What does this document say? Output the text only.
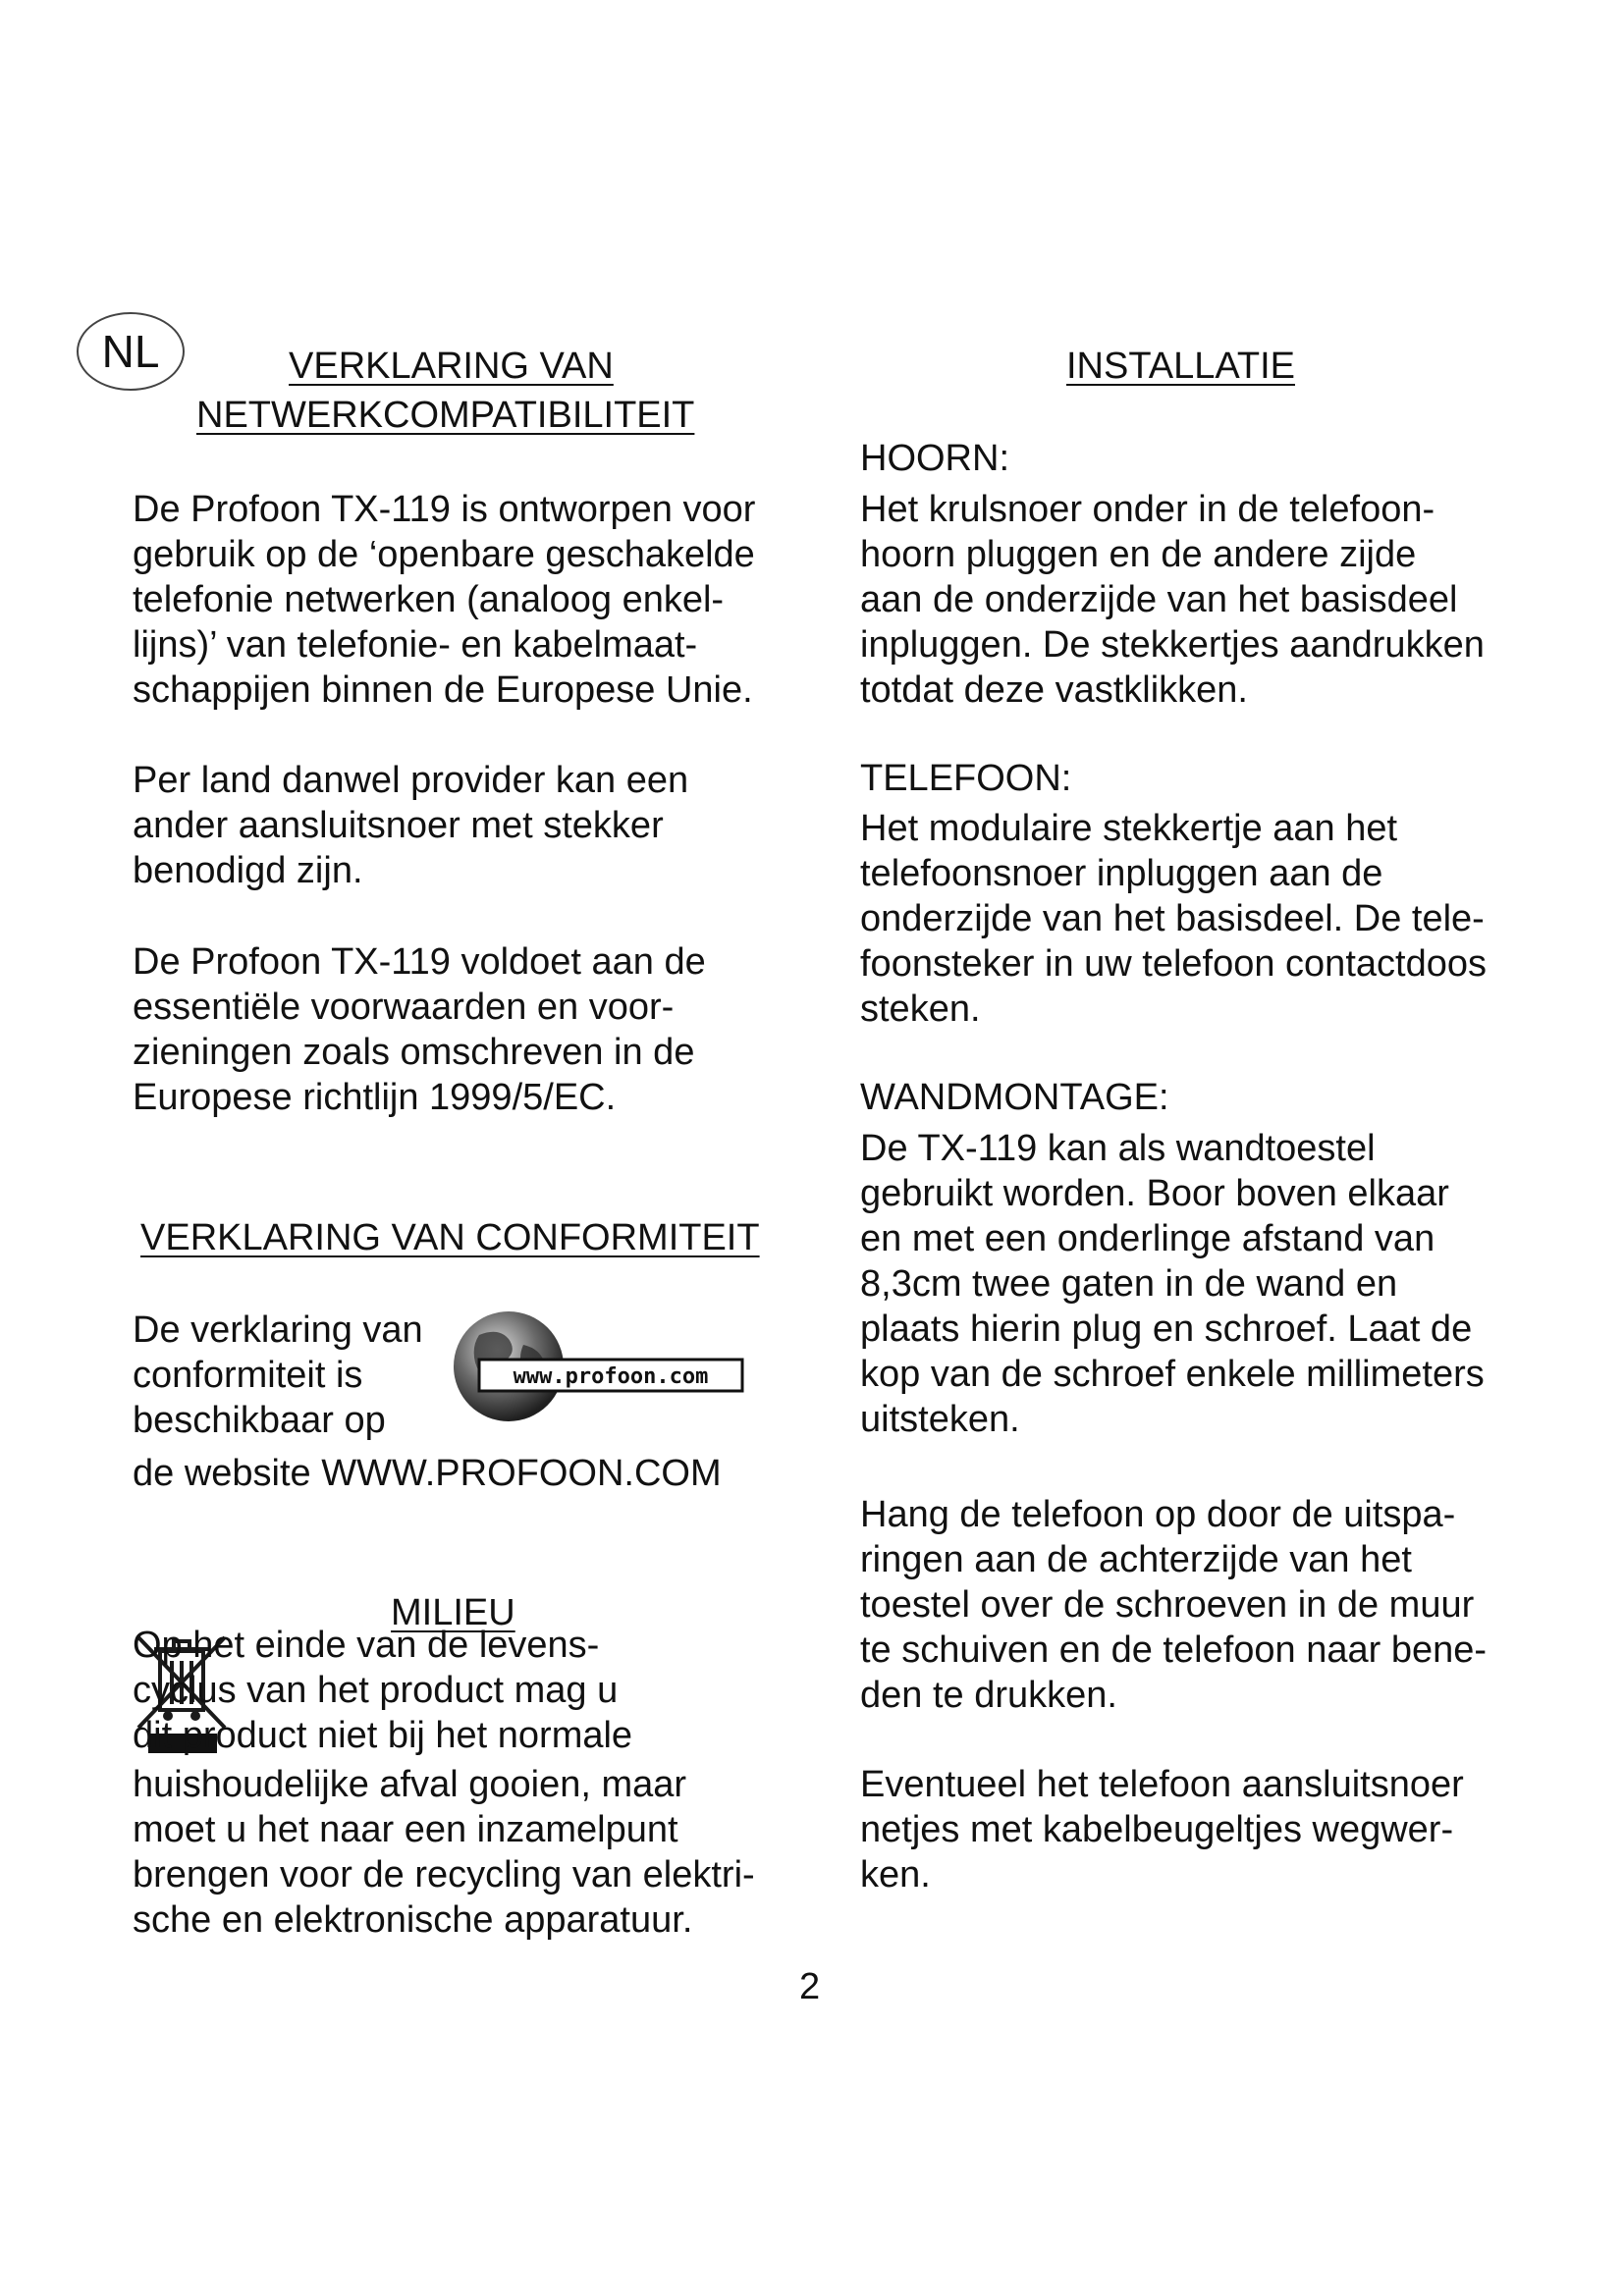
NL	VERKLARING VAN
NETWERKCOMPATIBILITEIT

De Profoon TX-119 is ontworpen voor
gebruik op de ‘openbare geschakelde
telefonie netwerken (analoog enkel-
lijns)’ van telefonie- en kabelmaat-
schappijen binnen de Europese Unie.

Per land danwel provider kan een
ander aansluitsnoer met stekker
benodigd zijn.

De Profoon TX-119 voldoet aan de
essentiële voorwaarden en voor-
zieningen zoals omschreven in de
Europese richtlijn 1999/5/EC.

VERKLARING VAN CONFORMITEIT

De verklaring van
conformiteit is
beschikbaar op

de website WWW.PROFOON.COM

www.profoon.com
MILIEU

Op het einde van de levens-
cyclus van het product mag u
dit product niet bij het normale

huishoudelijke afval gooien, maar
moet u het naar een inzamelpunt
brengen voor de recycling van elektri-
sche en elektronische apparatuur.

INSTALLATIE
HOORN:

Het krulsnoer onder in de telefoon-
hoorn pluggen en de andere zijde
aan de onderzijde van het basisdeel
inpluggen. De stekkertjes aandrukken
totdat deze vastklikken.

TELEFOON:

Het modulaire stekkertje aan het
telefoonsnoer inpluggen aan de
onderzijde van het basisdeel. De tele-
foonsteker in uw telefoon contactdoos
steken.

WANDMONTAGE:

De TX-119 kan als wandtoestel
gebruikt worden. Boor boven elkaar
en met een onderlinge afstand van
8,3cm twee gaten in de wand en
plaats hierin plug en schroef. Laat de
kop van de schroef enkele millimeters
uitsteken.

Hang de telefoon op door de uitspa-
ringen aan de achterzijde van het
toestel over de schroeven in de muur
te schuiven en de telefoon naar bene-
den te drukken.

Eventueel het telefoon aansluitsnoer
netjes met kabelbeugeltjes wegwer-
ken.

2
